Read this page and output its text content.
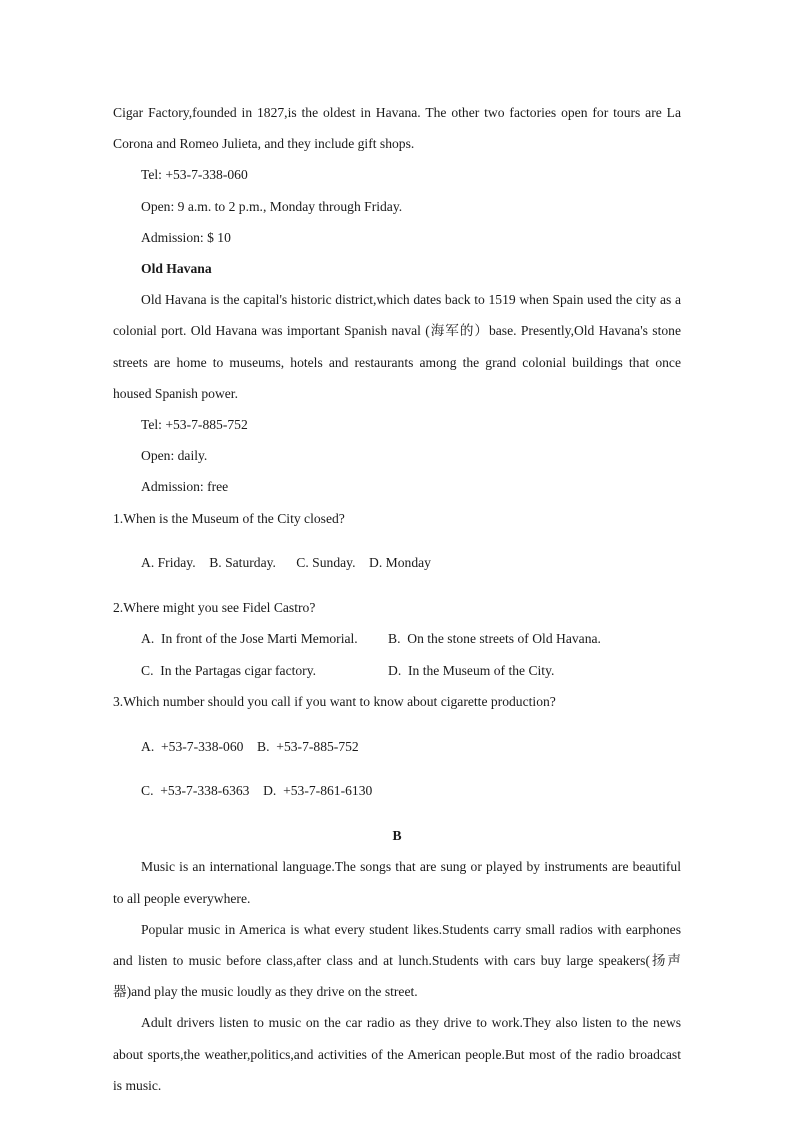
Cigar Factory,founded in 1827,is the oldest in Havana. The other two factories open for tours are La Corona and Romeo Julieta, and they include gift shops.

Tel: +53-7-338-060

Open: 9 a.m. to 2 p.m., Monday through Friday.

Admission: $ 10

Old Havana

Old Havana is the capital's historic district,which dates back to 1519 when Spain used the city as a colonial port. Old Havana was important Spanish naval (海军的）base. Presently,Old Havana's stone streets are home to museums, hotels and restaurants among the grand colonial buildings that once housed Spanish power.

Tel: +53-7-885-752

Open: daily.

Admission: free

1.When is the Museum of the City closed?

A. Friday.    B. Saturday.      C. Sunday.    D. Monday

2.Where might you see Fidel Castro?

A.  In front of the Jose Marti Memorial.	B.  On the stone streets of Old Havana.
C.  In the Partagas cigar factory.	D.  In the Museum of the City.

3.Which number should you call if you want to know about cigarette production?

A.  +53-7-338-060    B.  +53-7-885-752

C.  +53-7-338-6363    D.  +53-7-861-6130

B

Music is an international language.The songs that are sung or played by instruments are beautiful to all people everywhere.

Popular music in America is what every student likes.Students carry small radios with earphones and listen to music before class,after class and at lunch.Students with cars buy large speakers(扬声器)and play the music loudly as they drive on the street.

Adult drivers listen to music on the car radio as they drive to work.They also listen to the news about sports,the weather,politics,and activities of the American people.But most of the radio broadcast is music.
